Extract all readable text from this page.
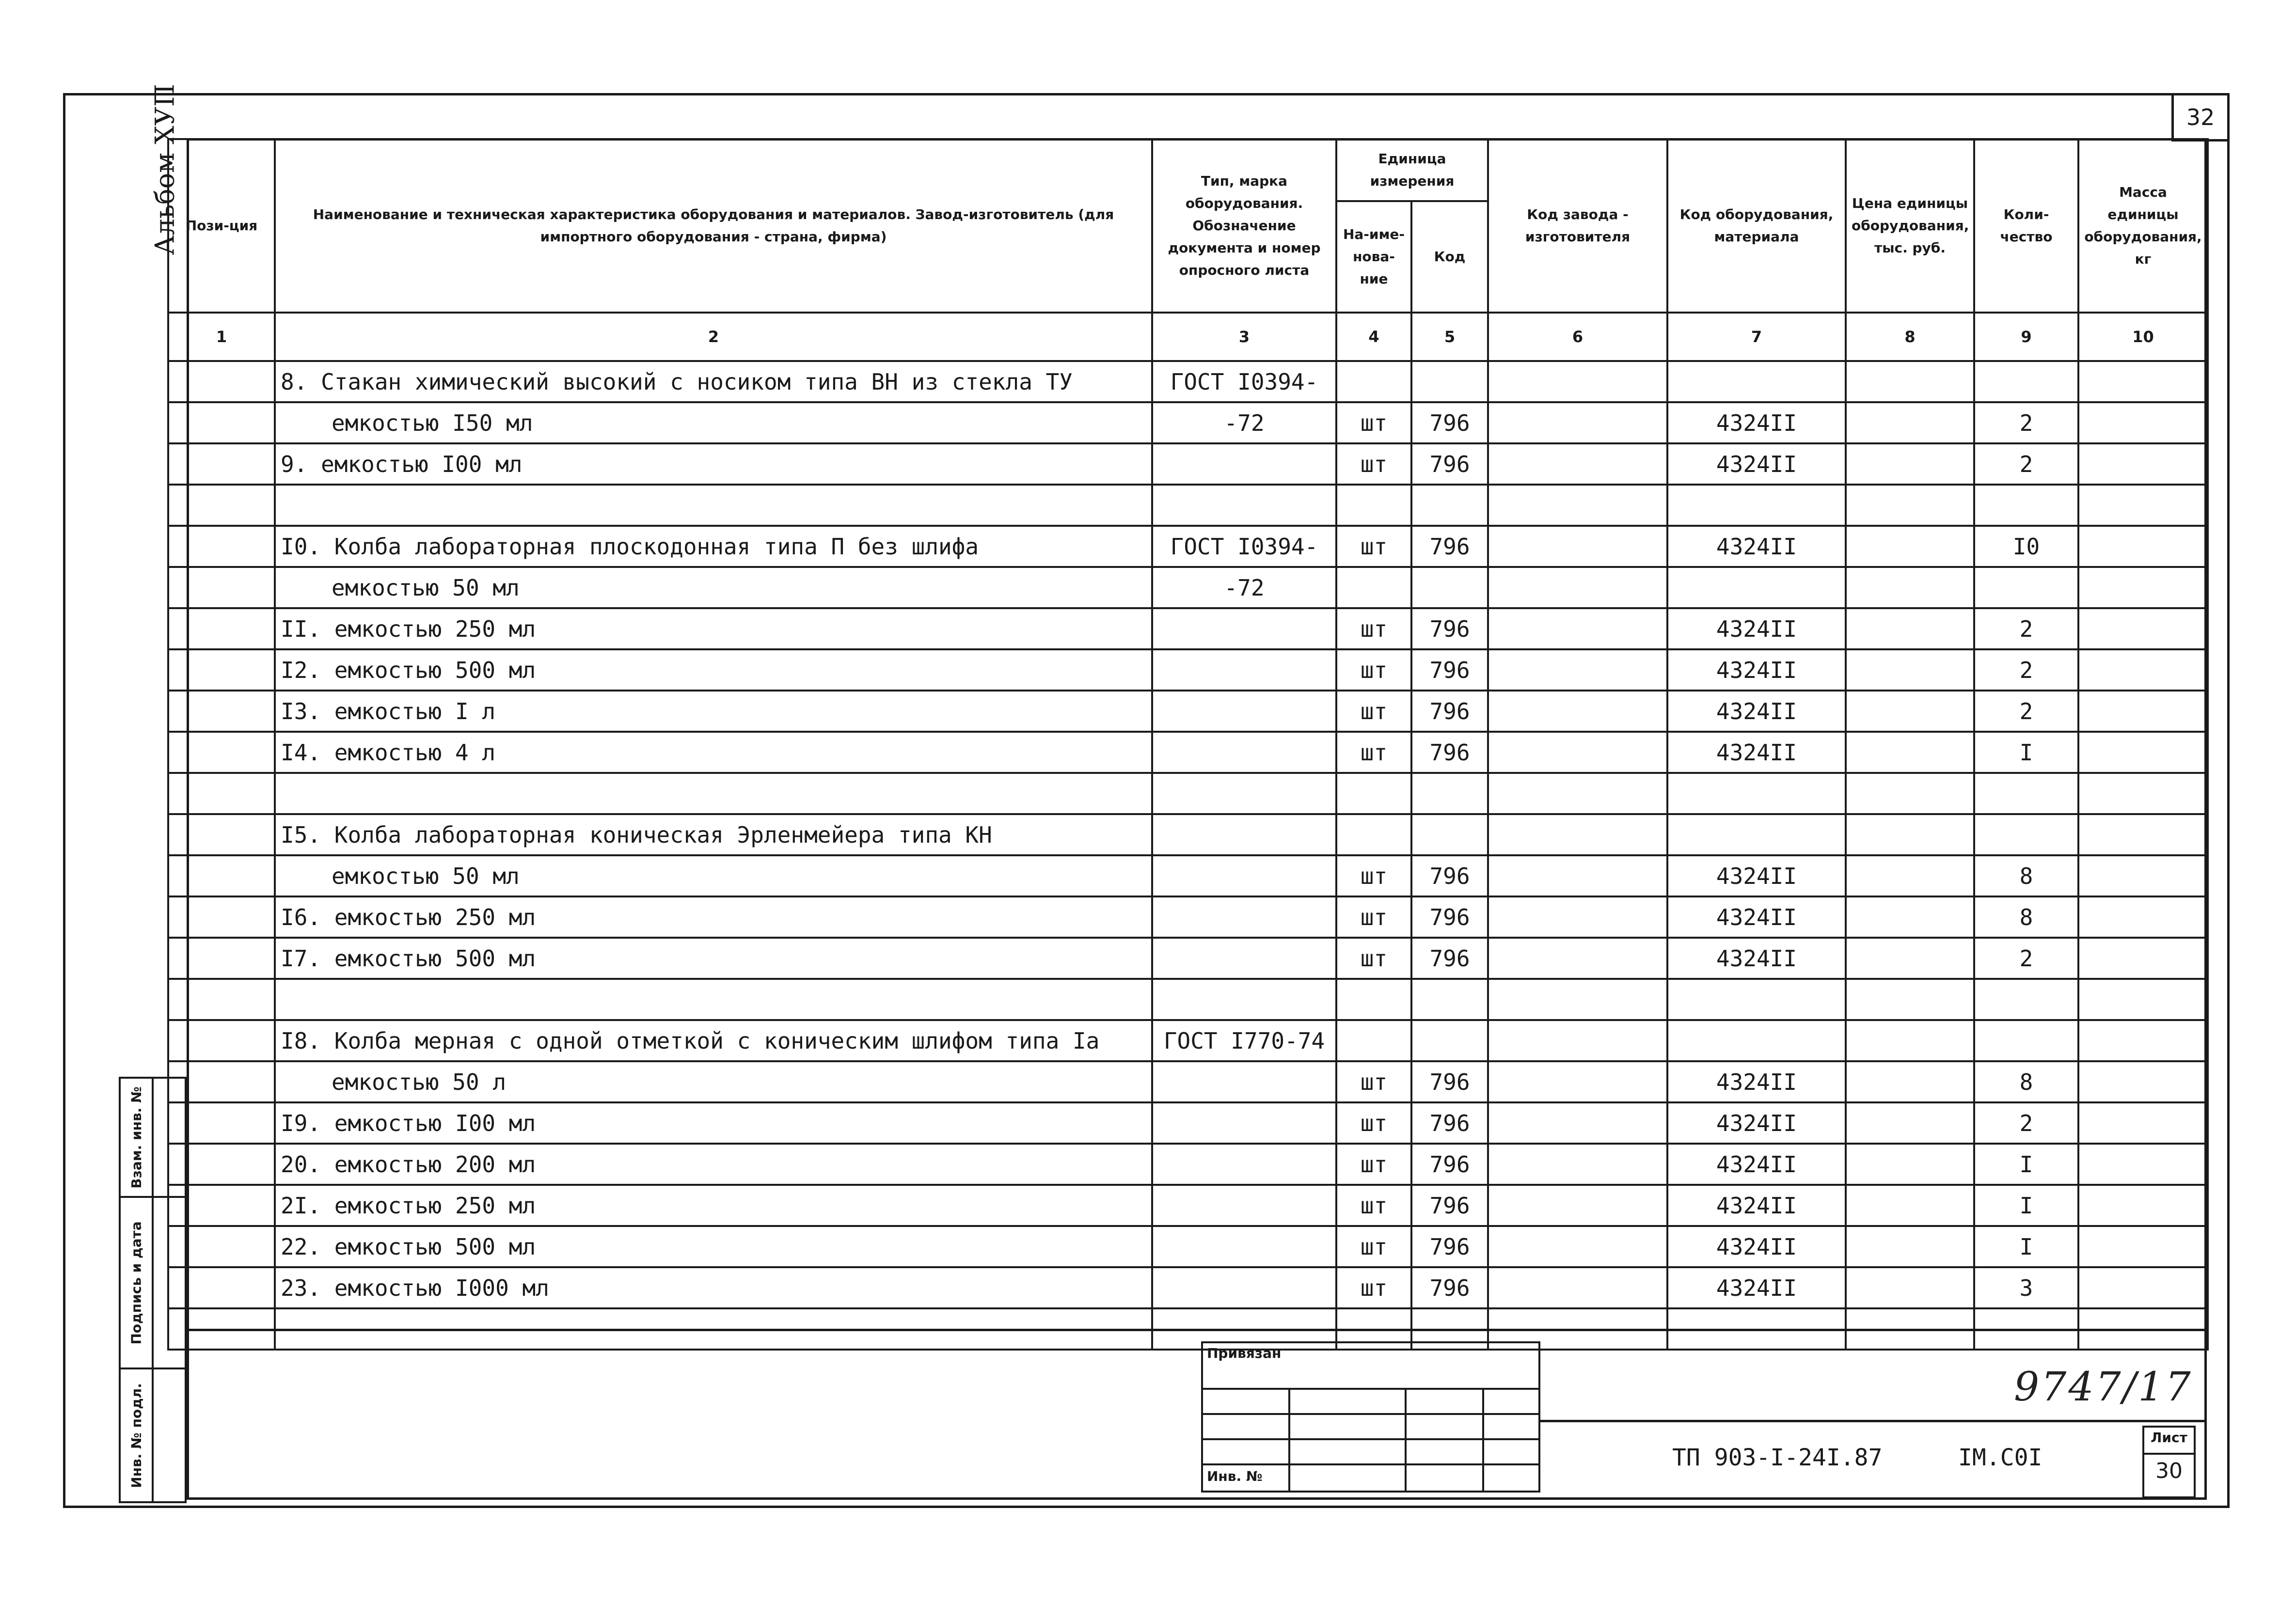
32
Альбом ХУП Пози-ция	Наименование и техническая характеристика оборудования и материалов. Завод-изготовитель (для импортного оборудования - страна, фирма)	Тип, марка оборудования. Обозначение документа и номер опросного листа	Единица измерения		Код завода - изготовителя	Код оборудования, материала	Цена единицы оборудования, тыс. руб.	Коли-чество	Масса единицы оборудования, кг
			На-име-нова-ние	Код					
1	2	3	4	5	6	7	8	9	10
	8. Стакан химический высокий с носиком типа ВН из стекла ТУ	ГОСТ I0394-							
	емкостью I50 мл	-72	шт	796		4324II		2	
	9. емкостью I00 мл		шт	796		4324II		2	

	I0. Колба лабораторная плоскодонная типа П без шлифа	ГОСТ I0394-	шт	796		4324II		I0	
	емкостью 50 мл	-72							
	II. емкостью 250 мл		шт	796		4324II		2	
	I2. емкостью 500 мл		шт	796		4324II		2	
	I3. емкостью I л		шт	796		4324II		2	
	I4. емкостью 4 л		шт	796		4324II		I	

	I5. Колба лабораторная коническая Эрленмейера типа КН								
	емкостью 50 мл		шт	796		4324II		8	
	I6. емкостью 250 мл		шт	796		4324II		8	
	I7. емкостью 500 мл		шт	796		4324II		2	

	I8. Колба мерная с одной отметкой с коническим шлифом типа Iа	ГОСТ I770-74							
	емкостью 50 л		шт	796		4324II		8	
	I9. емкостью I00 мл		шт	796		4324II		2	
	20. емкостью 200 мл		шт	796		4324II		I	
	2I. емкостью 250 мл		шт	796		4324II		I	
	22. емкостью 500 мл		шт	796		4324II		I	
	23. емкостью I000 мл		шт	796		4324II		3	

Взам. инв. №
Подпись и дата
Инв. № подл.
Привязан
Инв. №
9747/17
ТП 903-I-24I.87	IМ.С0I
Лист
30
